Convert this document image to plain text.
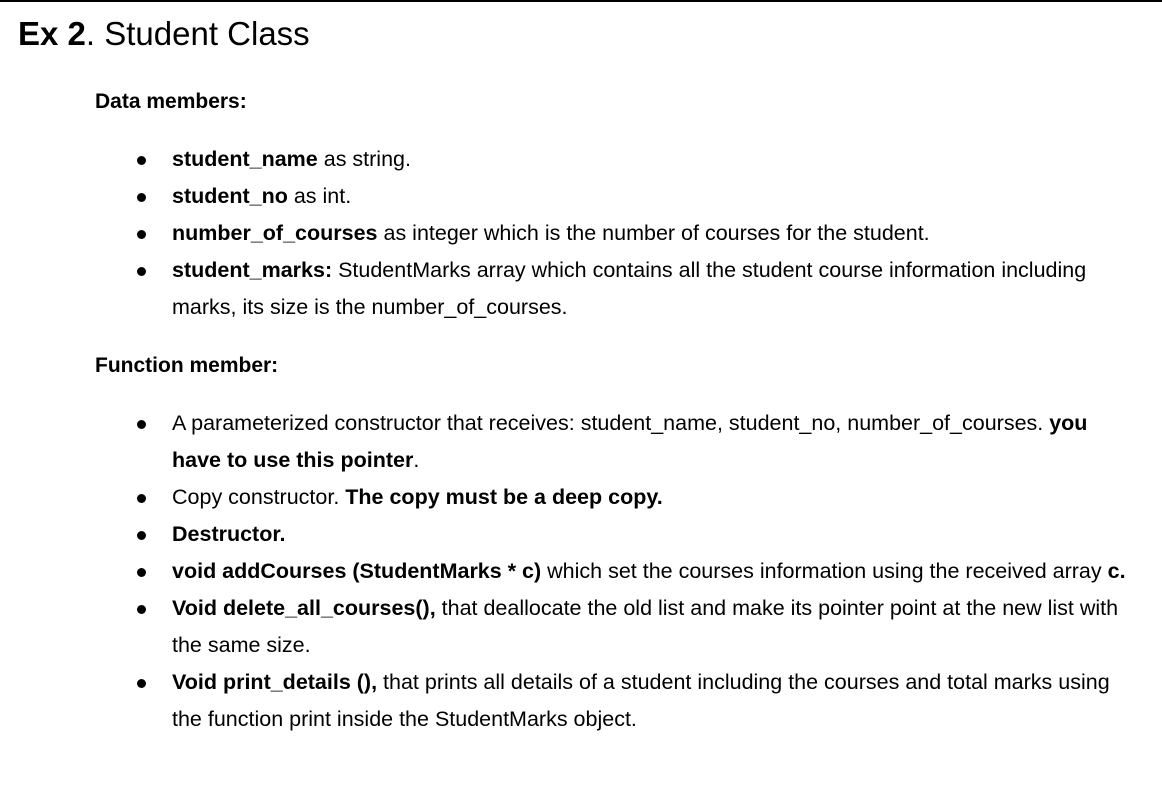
Ex 2. Student Class
Data members:
student_name as string.
student_no as int.
number_of_courses as integer which is the number of courses for the student.
student_marks: StudentMarks array which contains all the student course information including marks, its size is the number_of_courses.
Function member:
A parameterized constructor that receives: student_name, student_no, number_of_courses. you have to use this pointer.
Copy constructor. The copy must be a deep copy.
Destructor.
void addCourses (StudentMarks * c) which set the courses information using the received array c.
Void delete_all_courses(), that deallocate the old list and make its pointer point at the new list with the same size.
Void print_details (), that prints all details of a student including the courses and total marks using the function print inside the StudentMarks object.
